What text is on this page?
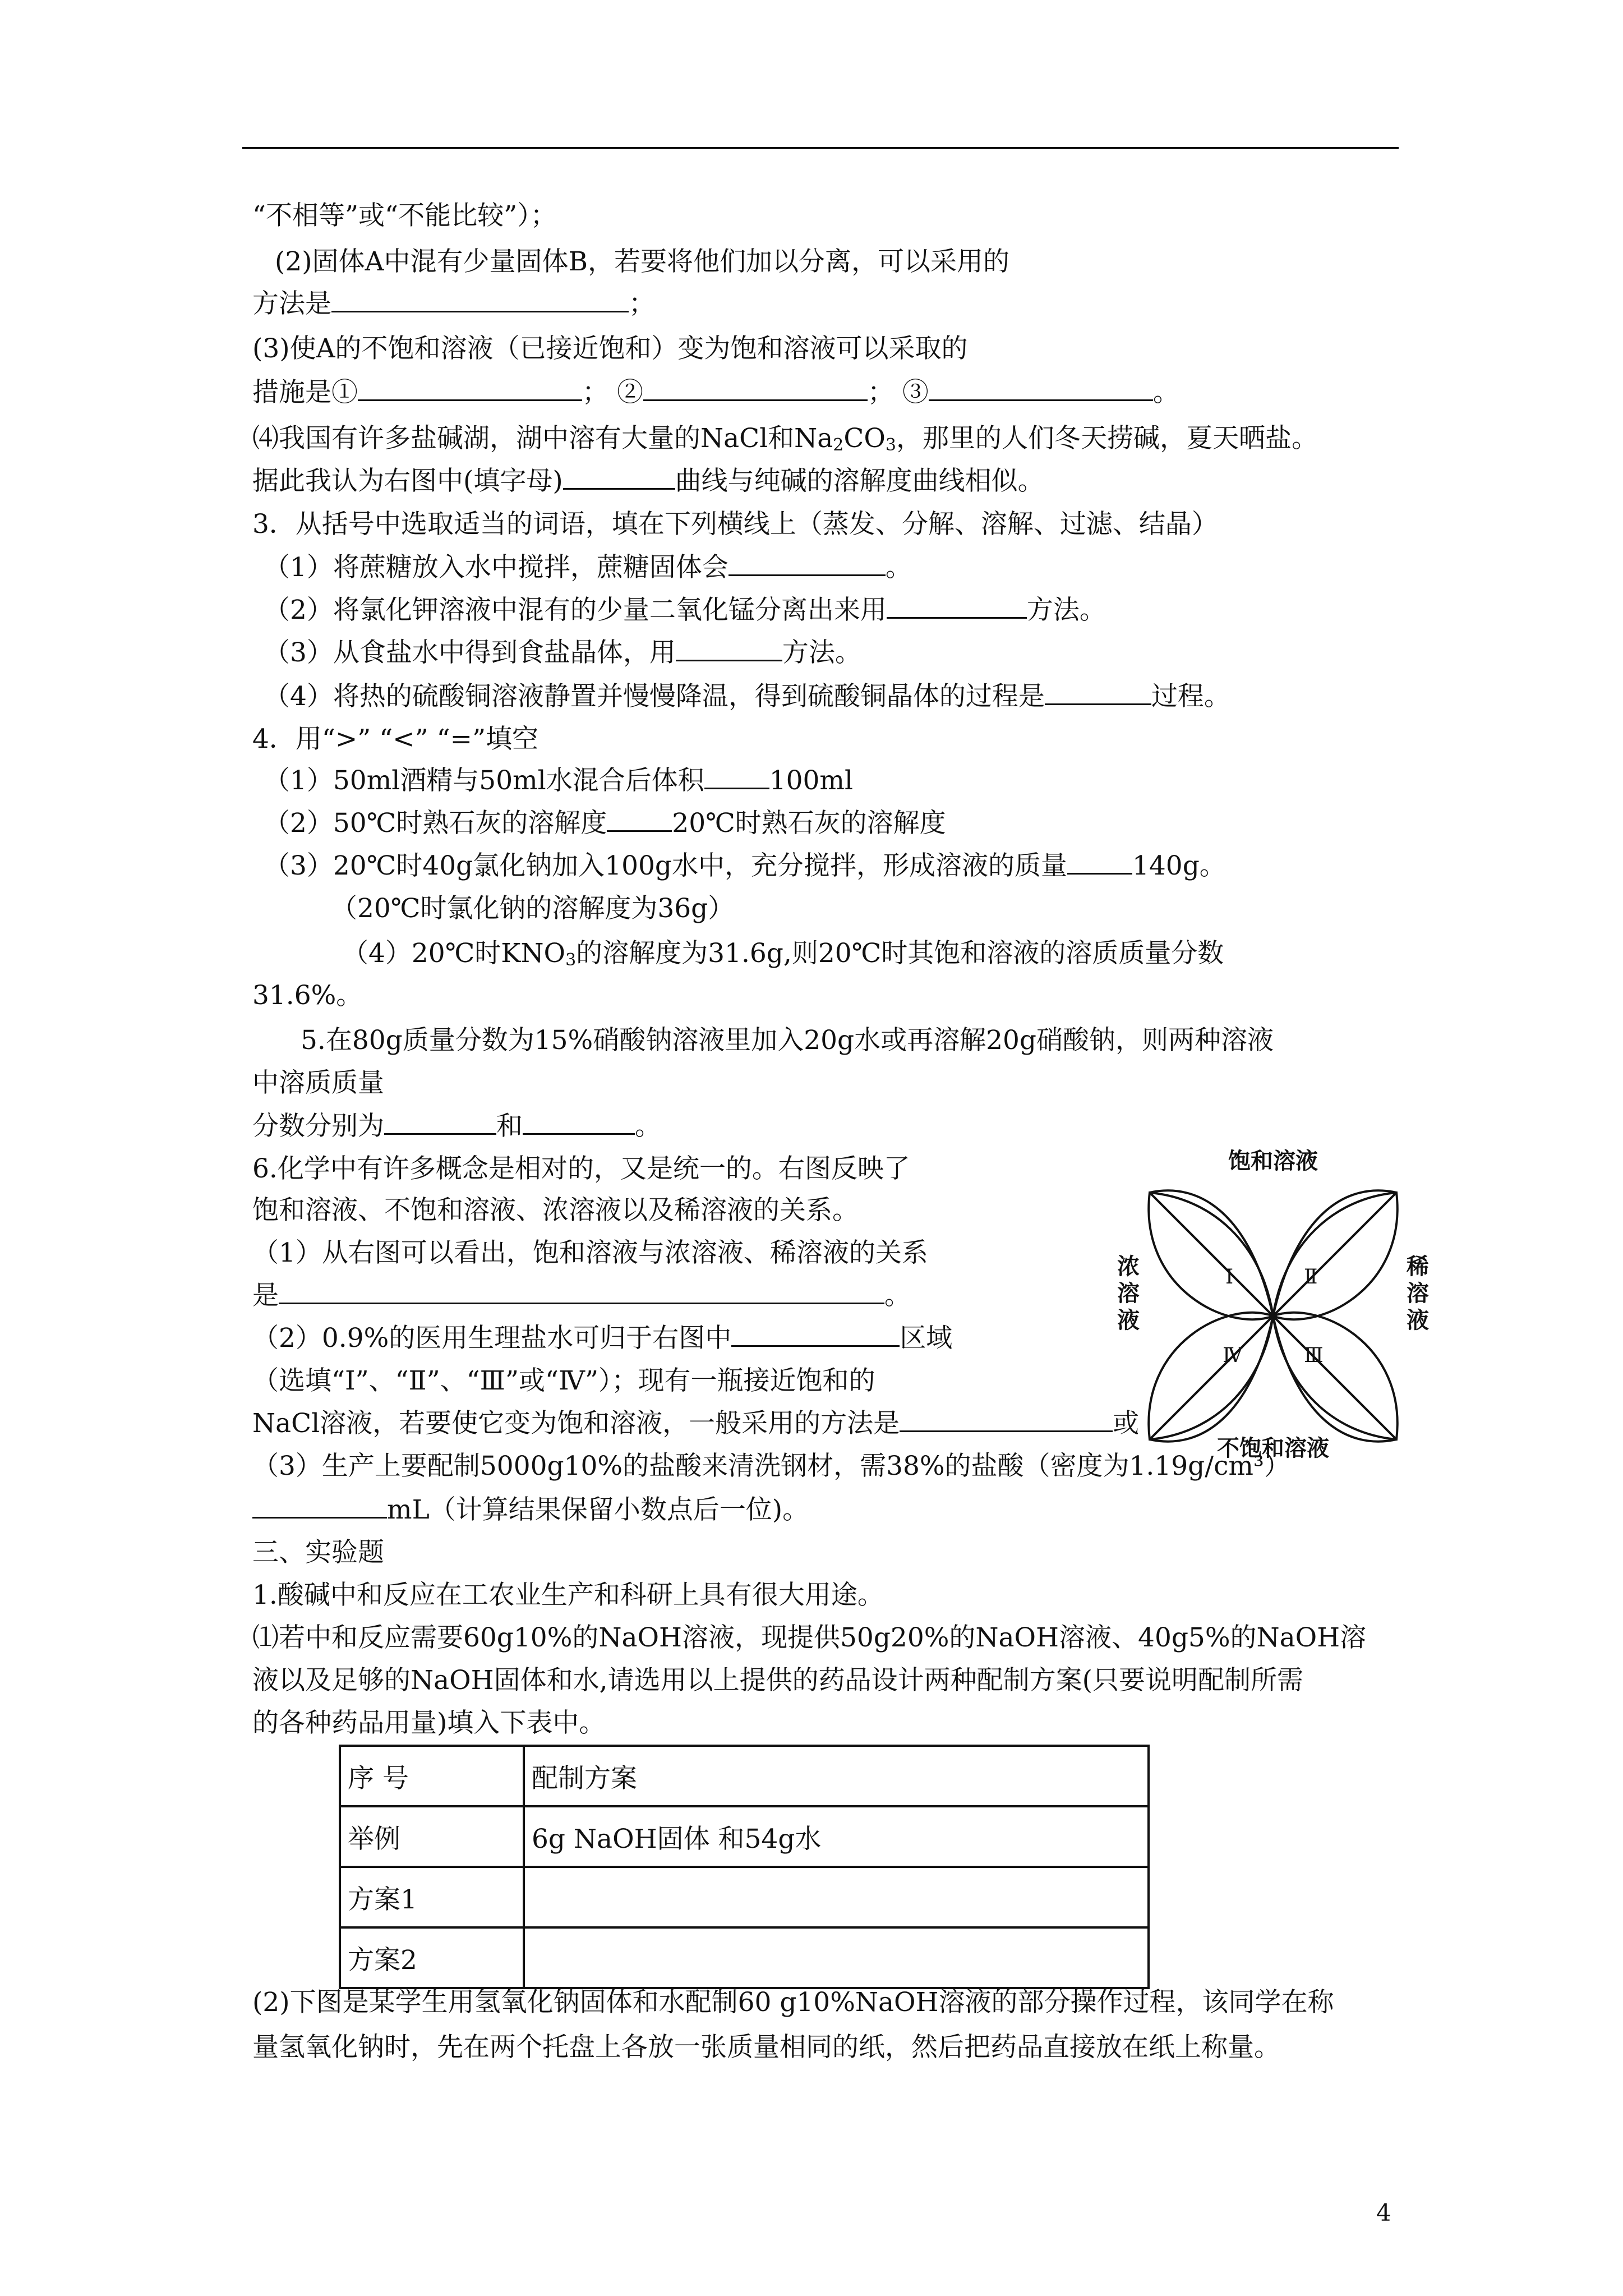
“不相等”或“不能比较”）；
(2)固体A中混有少量固体B，若要将他们加以分离，可以采用的
方法是	；
(3)使A的不饱和溶液（已接近饱和）变为饱和溶液可以采取的
措施是①	； ②	； ③	。
⑷我国有许多盐碱湖，湖中溶有大量的NaCl和$Na_2CO_3$，那里的人们冬天捞碱，夏天晒盐。
据此我认为右图中(填字母)	曲线与纯碱的溶解度曲线相似。
3．从括号中选取适当的词语，填在下列横线上（蒸发、分解、溶解、过滤、结晶）
（1）将蔗糖放入水中搅拌，蔗糖固体会	。
（2）将氯化钾溶液中混有的少量二氧化锰分离出来用	方法。
（3）从食盐水中得到食盐晶体，用	方法。
（4）将热的硫酸铜溶液静置并慢慢降温，得到硫酸铜晶体的过程是	过程。
4．用“>” “<” “=”填空
（1）50ml酒精与50ml水混合后体积 100ml
（2）50℃时熟石灰的溶解度 20℃时熟石灰的溶解度
（3）20℃时40g氯化钠加入100g水中，充分搅拌，形成溶液的质量 140g。
（20℃时氯化钠的溶解度为36g）
（4）20℃时$KNO_3$的溶解度为31.6g,则20℃时其饱和溶液的溶质质量分数
31.6%。
5.在80g质量分数为15%硝酸钠溶液里加入20g水或再溶解20g硝酸钠，则两种溶液
中溶质质量
分数分别为	和	。
6.化学中有许多概念是相对的，又是统一的。右图反映了
饱和溶液、不饱和溶液、浓溶液以及稀溶液的关系。
（1）从右图可以看出，饱和溶液与浓溶液、稀溶液的关系
是	。
（2）0.9%的医用生理盐水可归于右图中	区域
（选填“Ⅰ”、“Ⅱ”、“Ⅲ”或“Ⅳ”）；现有一瓶接近饱和的
NaCl溶液，若要使它变为饱和溶液，一般采用的方法是	或
（3）生产上要配制5000g10%的盐酸来清洗钢材，需38%的盐酸（密度为1.19g/cm³）
mL（计算结果保留小数点后一位)。
三、实验题
1.酸碱中和反应在工农业生产和科研上具有很大用途。
⑴若中和反应需要60g10%的NaOH溶液，现提供50g20%的NaOH溶液、40g5%的NaOH溶
液以及足够的NaOH固体和水,请选用以上提供的药品设计两种配制方案(只要说明配制所需
的各种药品用量)填入下表中。
序 号	配制方案
举例	6g NaOH固体 和54g水
方案1	
方案2	
(2)下图是某学生用氢氧化钠固体和水配制60 g10%NaOH溶液的部分操作过程，该同学在称
量氢氧化钠时，先在两个托盘上各放一张质量相同的纸，然后把药品直接放在纸上称量。
饱和溶液
不饱和溶液
浓溶液
稀溶液
Ⅰ	Ⅱ
Ⅲ
Ⅳ
4
